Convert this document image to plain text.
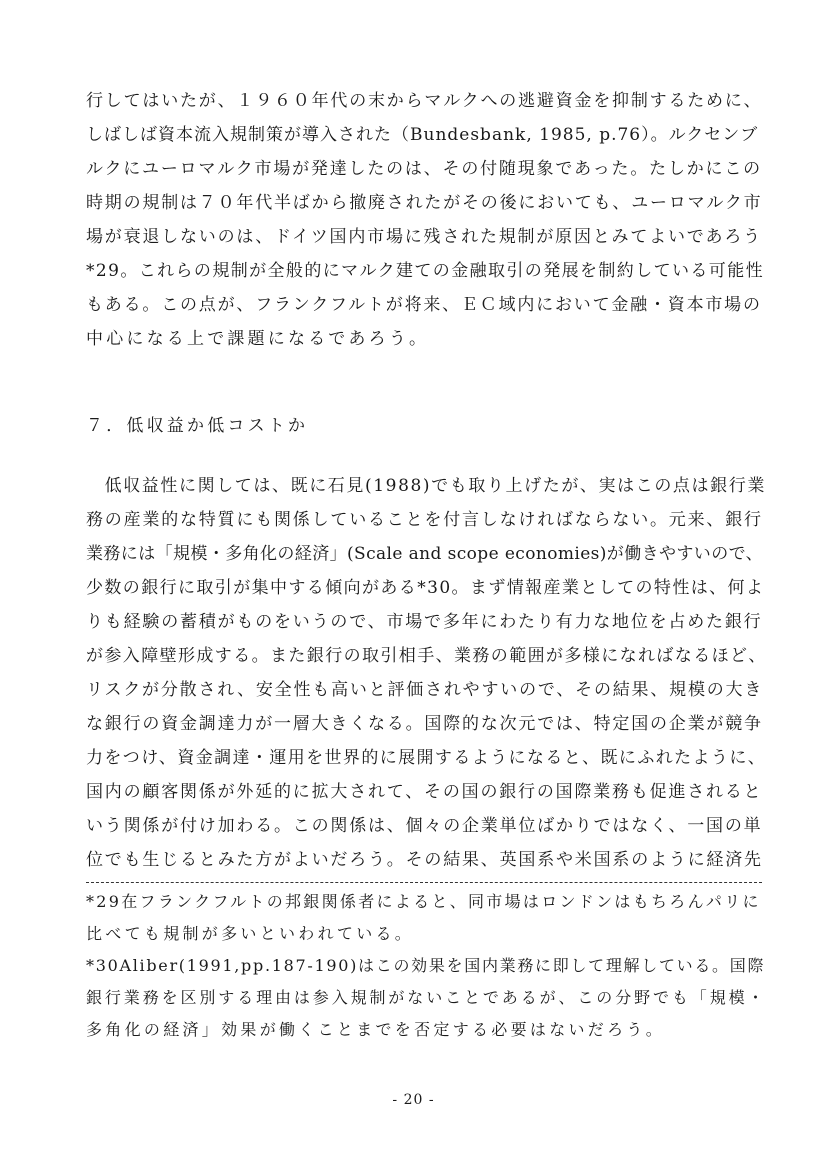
行してはいたが、１９６０年代の末からマルクへの逃避資金を抑制するために、
しばしば資本流入規制策が導入された（Bundesbank, 1985, p.76）。ルクセンブ
ルクにユーロマルク市場が発達したのは、その付随現象であった。たしかにこの
時期の規制は７０年代半ばから撤廃されたがその後においても、ユーロマルク市
場が衰退しないのは、ドイツ国内市場に残された規制が原因とみてよいであろう
*29。これらの規制が全般的にマルク建ての金融取引の発展を制約している可能性
もある。この点が、フランクフルトが将来、ＥＣ域内において金融・資本市場の
中心になる上で課題になるであろう。
７．低収益か低コストか
　低収益性に関しては、既に石見(1988)でも取り上げたが、実はこの点は銀行業
務の産業的な特質にも関係していることを付言しなければならない。元来、銀行
業務には「規模・多角化の経済」(Scale and scope economies)が働きやすいので、
少数の銀行に取引が集中する傾向がある*30。まず情報産業としての特性は、何よ
りも経験の蓄積がものをいうので、市場で多年にわたり有力な地位を占めた銀行
が参入障壁形成する。また銀行の取引相手、業務の範囲が多様になればなるほど、
リスクが分散され、安全性も高いと評価されやすいので、その結果、規模の大き
な銀行の資金調達力が一層大きくなる。国際的な次元では、特定国の企業が競争
力をつけ、資金調達・運用を世界的に展開するようになると、既にふれたように、
国内の顧客関係が外延的に拡大されて、その国の銀行の国際業務も促進されると
いう関係が付け加わる。この関係は、個々の企業単位ばかりではなく、一国の単
位でも生じるとみた方がよいだろう。その結果、英国系や米国系のように経済先
*29在フランクフルトの邦銀関係者によると、同市場はロンドンはもちろんパリに
比べても規制が多いといわれている。
*30Aliber(1991,pp.187-190)はこの効果を国内業務に即して理解している。国際
銀行業務を区別する理由は参入規制がないことであるが、この分野でも「規模・
多角化の経済」効果が働くことまでを否定する必要はないだろう。
- 20 -
